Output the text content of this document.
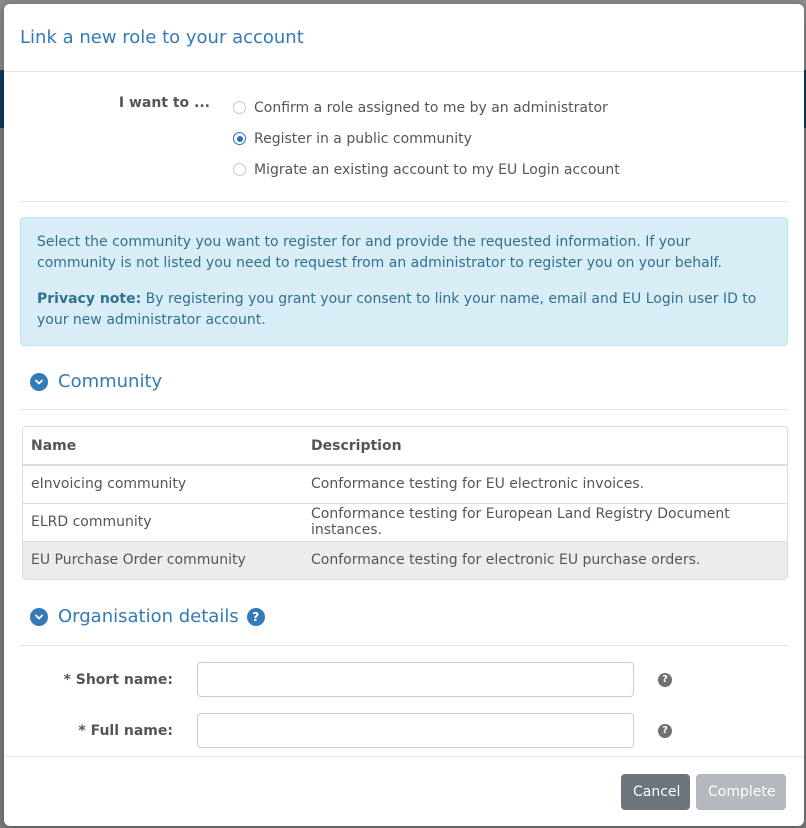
Link a new role to your account
I want to ...	Confirm a role assigned to me by an administrator
Register in a public community
Migrate an existing account to my EU Login account

Select the community you want to register for and provide the requested information. If your community is not listed you need to request from an administrator to register you on your behalf.

Privacy note: By registering you grant your consent to link your name, email and EU Login user ID to your new administrator account.

Community
Name	Description
eInvoicing community	Conformance testing for EU electronic invoices.
ELRD community	Conformance testing for European Land Registry Document instances.
EU Purchase Order community	Conformance testing for electronic EU purchase orders.
Organisation details	?
* Short name:	?
* Full name:	?
Cancel	Complete
